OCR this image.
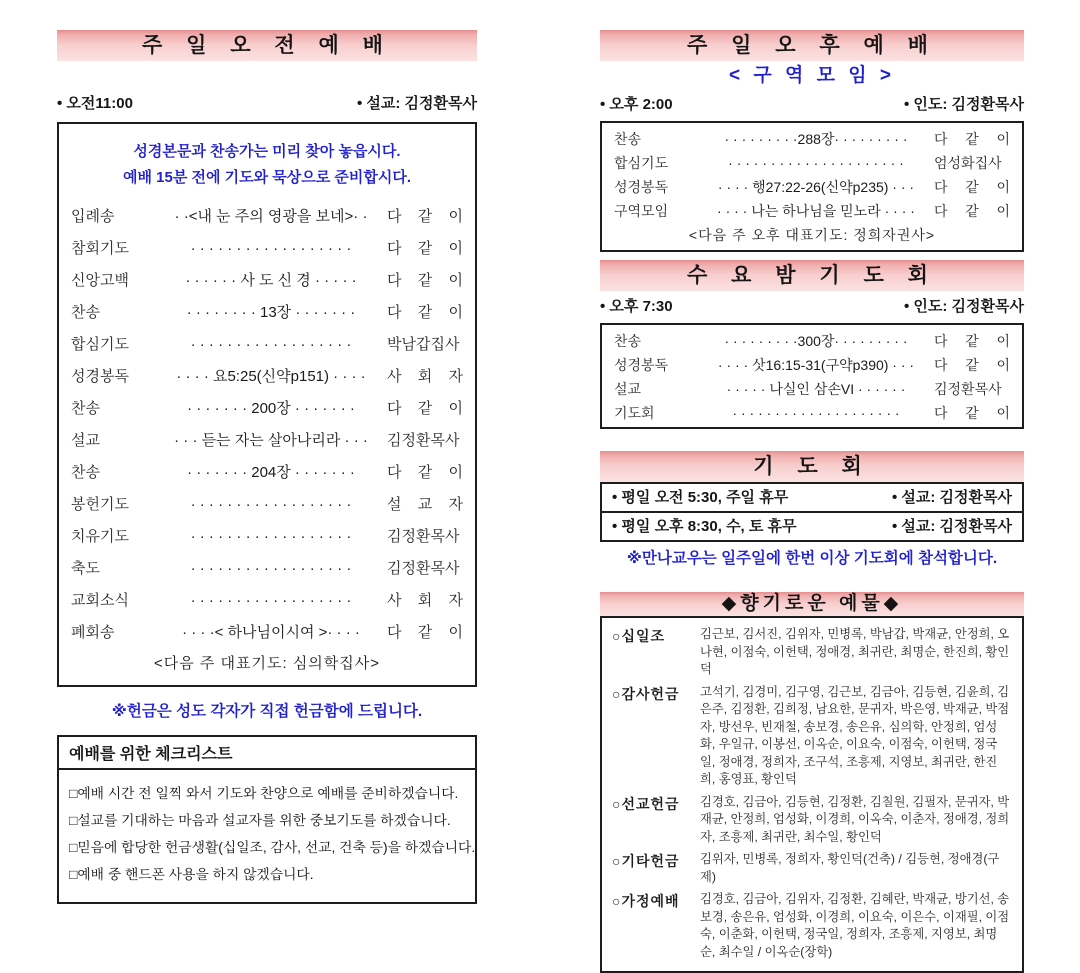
주 일 오 전 예 배
• 오전11:00	• 설교: 김정환목사
성경본문과 찬송가는 미리 찾아 놓읍시다.
예배 15분 전에 기도와 묵상으로 준비합시다.
입례송	· ·<내 눈 주의 영광을 보네>· ·	다 같 이
참회기도	· · · · · · · · · · · · · · · · · ·	다 같 이
신앙고백	· · · · · · 사 도 신 경 · · · · ·	다 같 이
찬송	· · · · · · · · 13장 · · · · · · ·	다 같 이
합심기도	· · · · · · · · · · · · · · · · · ·	박남갑집사
성경봉독	· · · · 요5:25(신약p151) · · · ·	사 회 자
찬송	· · · · · · · 200장 · · · · · · ·	다 같 이
설교	· · · 듣는 자는 살아나리라 · · ·	김정환목사
찬송	· · · · · · · 204장 · · · · · · ·	다 같 이
봉헌기도	· · · · · · · · · · · · · · · · · ·	설 교 자
치유기도	· · · · · · · · · · · · · · · · · ·	김정환목사
축도	· · · · · · · · · · · · · · · · · ·	김정환목사
교회소식	· · · · · · · · · · · · · · · · · ·	사 회 자
폐회송	· · · ·< 하나님이시여 >· · · ·	다 같 이
<다음 주 대표기도: 심의학집사>
※헌금은 성도 각자가 직접 헌금함에 드립니다.
예배를 위한 체크리스트
□예배 시간 전 일찍 와서 기도와 찬양으로 예배를 준비하겠습니다.
□설교를 기대하는 마음과 설교자를 위한 중보기도를 하겠습니다.
□믿음에 합당한 헌금생활(십일조, 감사, 선교, 건축 등)을 하겠습니다.
□예배 중 핸드폰 사용을 하지 않겠습니다.
주 일 오 후 예 배
< 구 역 모 임 >
• 오후 2:00	• 인도: 김정환목사
찬송	· · · · · · · · ·288장· · · · · · · · ·	다 같 이
합심기도	· · · · · · · · · · · · · · · · · · · · ·	엄성화집사
성경봉독	· · · · 행27:22-26(신약p235) · · ·	다 같 이
구역모임	· · · · 나는 하나님을 믿노라 · · · ·	다 같 이
<다음 주 오후 대표기도: 정희자권사>
수 요 밤 기 도 회
• 오후 7:30	• 인도: 김정환목사
찬송	· · · · · · · · ·300장· · · · · · · · ·	다 같 이
성경봉독	· · · · 삿16:15-31(구약p390) · · ·	다 같 이
설교	· · · · · 나실인 삼손VI · · · · · ·	김정환목사
기도회	· · · · · · · · · · · · · · · · · · · ·	다 같 이
기 도 회
• 평일 오전 5:30, 주일 휴무	• 설교: 김정환목사
• 평일 오후 8:30, 수, 토 휴무	• 설교: 김정환목사
※만나교우는 일주일에 한번 이상 기도회에 참석합니다.
◆향기로운 예물◆
○십일조	김근보, 김서진, 김위자, 민병록, 박남갑, 박재균, 안정희, 오나현, 이점숙, 이헌택, 정애경, 최귀란, 최명순, 한진희, 황인덕
○감사헌금	고석기, 김경미, 김구영, 김근보, 김금아, 김등현, 김윤희, 김은주, 김정환, 김희정, 남요한, 문귀자, 박은영, 박재균, 박점자, 방선우, 빈재철, 송보경, 송은유, 심의학, 안정희, 엄성화, 우일규, 이봉선, 이옥순, 이요숙, 이점숙, 이헌택, 정국일, 정애경, 정희자, 조구석, 조흥제, 지영보, 최귀란, 한진희, 홍영표, 황인덕
○선교헌금	김경호, 김금아, 김등현, 김정환, 김칠원, 김필자, 문귀자, 박재균, 안정희, 엄성화, 이경희, 이옥숙, 이춘자, 정애경, 정희자, 조흥제, 최귀란, 최수일, 황인덕
○기타헌금	김위자, 민병록, 정희자, 황인덕(건축) / 김등현, 정애경(구제)
○가정예배	김경호, 김금아, 김위자, 김정환, 김혜란, 박재균, 방기선, 송보경, 송은유, 엄성화, 이경희, 이요숙, 이은수, 이재필, 이점숙, 이춘화, 이헌택, 정국일, 정희자, 조흥제, 지영보, 최명순, 최수일 / 이옥순(장학)
